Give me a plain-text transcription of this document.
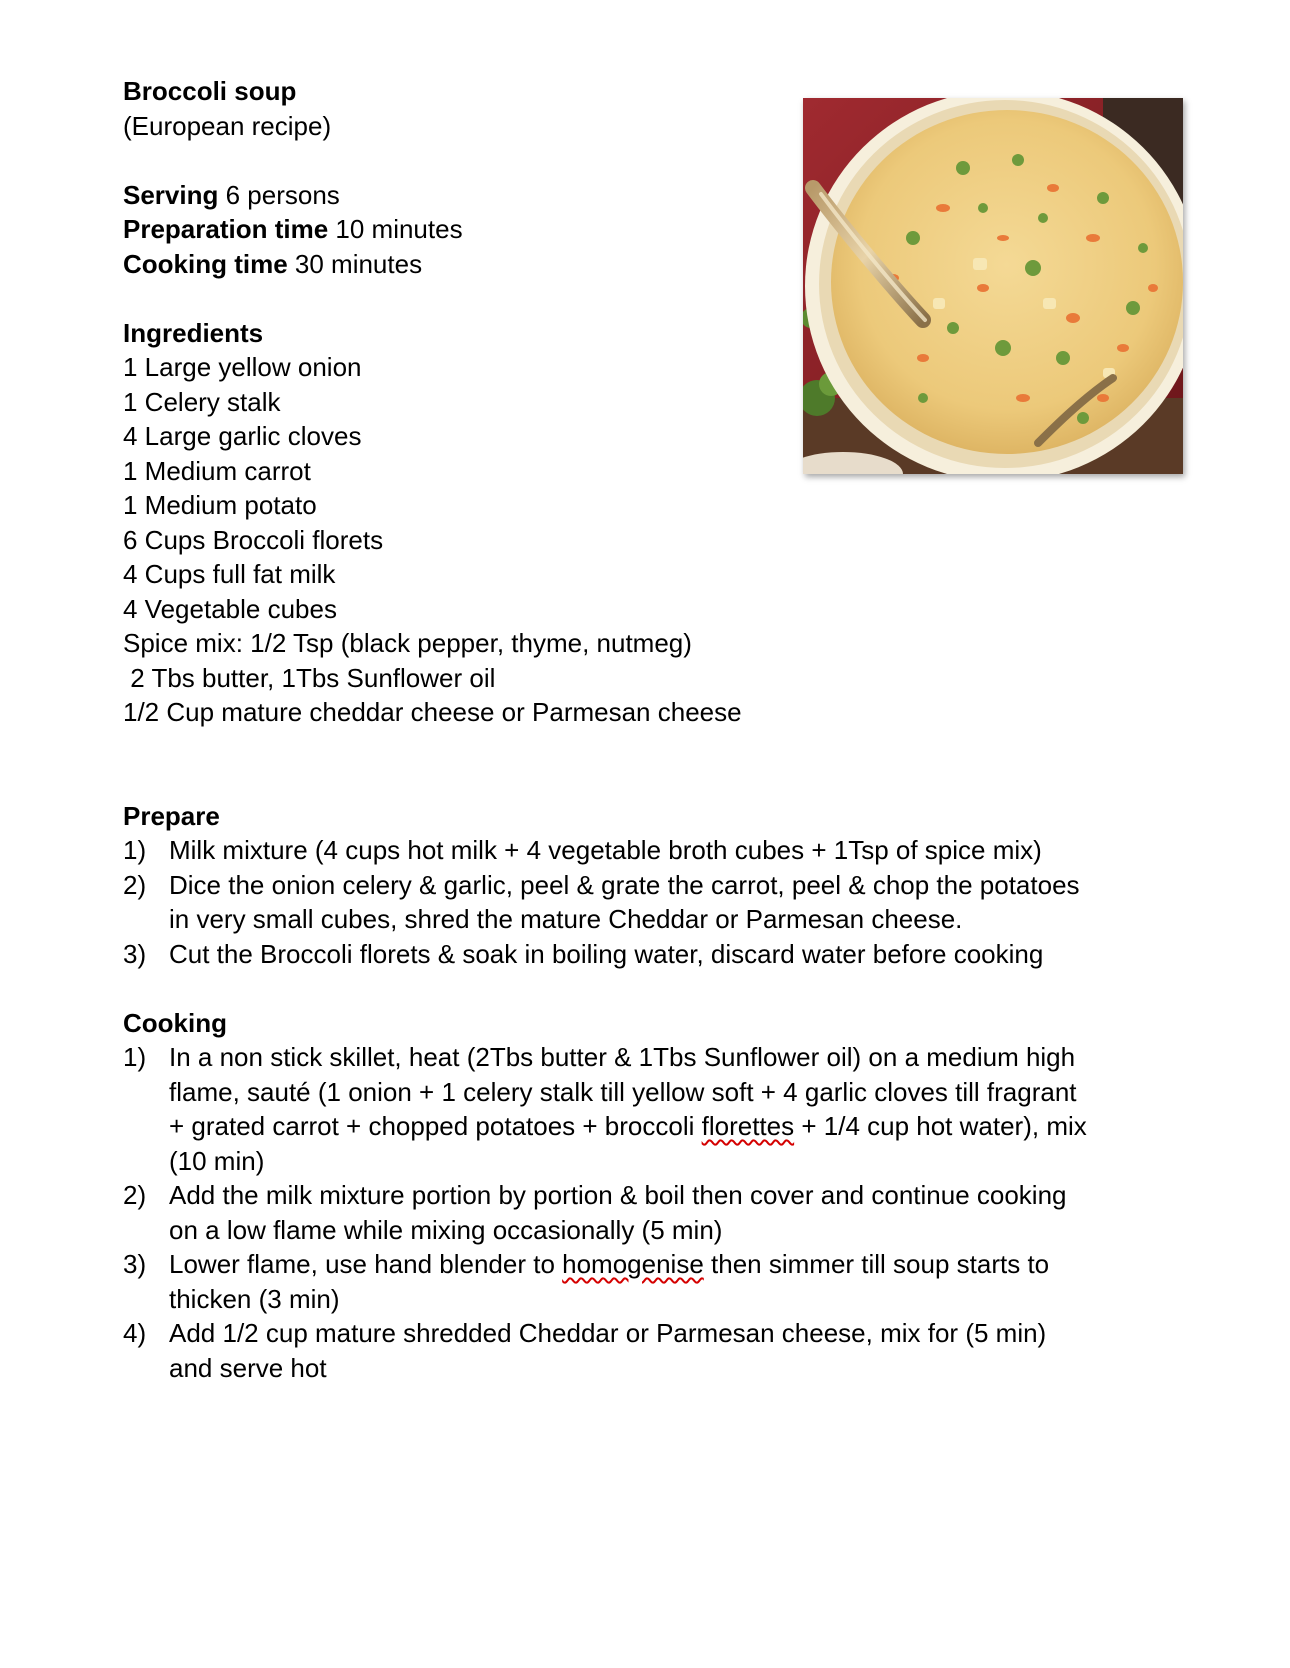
Broccoli soup

(European recipe)

Serving 6 persons

Preparation time 10 minutes

Cooking time 30 minutes

Ingredients

1 Large yellow onion

1 Celery stalk

4 Large garlic cloves

1 Medium carrot

1 Medium potato

6 Cups Broccoli florets

4 Cups full fat milk

4 Vegetable cubes

Spice mix: 1/2 Tsp (black pepper, thyme, nutmeg)

2 Tbs butter, 1Tbs Sunflower oil

1/2 Cup mature cheddar cheese or Parmesan cheese

Prepare

1) Milk mixture (4 cups hot milk + 4 vegetable broth cubes + 1Tsp of spice mix)

2) Dice the onion celery & garlic, peel & grate the carrot, peel & chop the potatoes

in very small cubes, shred the mature Cheddar or Parmesan cheese.

3) Cut the Broccoli florets & soak in boiling water, discard water before cooking

Cooking

1) In a non stick skillet, heat (2Tbs butter & 1Tbs Sunflower oil) on a medium high

flame, sauté (1 onion + 1 celery stalk till yellow soft + 4 garlic cloves till fragrant

+ grated carrot + chopped potatoes + broccoli florettes + 1/4 cup hot water), mix

(10 min)

2) Add the milk mixture portion by portion & boil then cover and continue cooking

on a low flame while mixing occasionally (5 min)

3) Lower flame, use hand blender to homogenise then simmer till soup starts to

thicken (3 min)

4) Add 1/2 cup mature shredded Cheddar or Parmesan cheese, mix for (5 min)

and serve hot
